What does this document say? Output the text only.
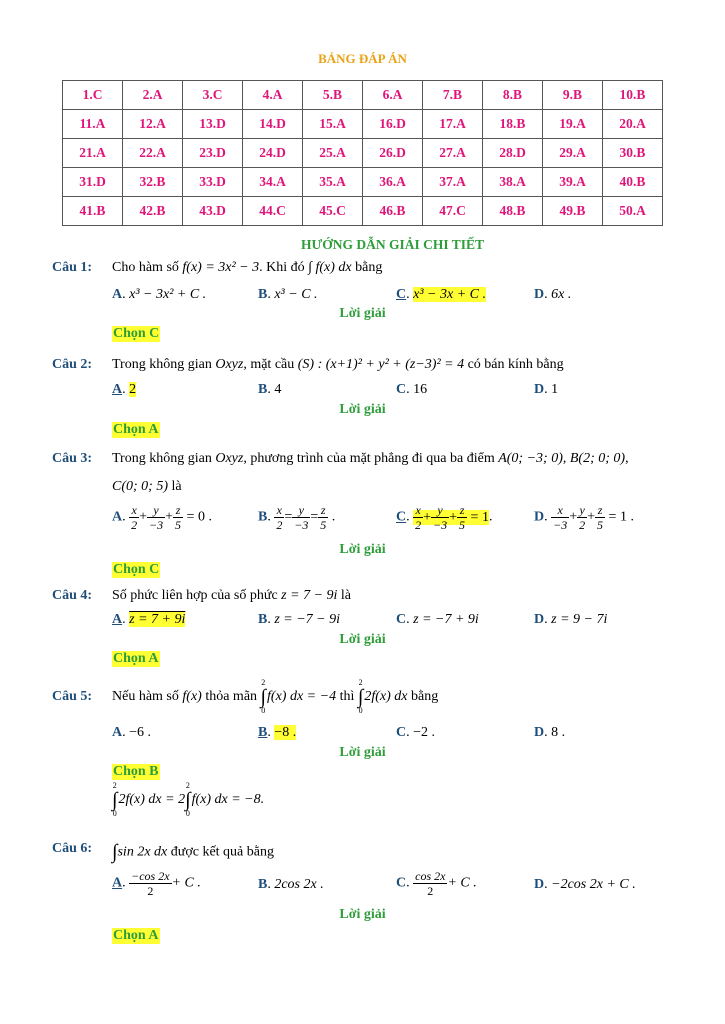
BẢNG ĐÁP ÁN
1.C	2.A	3.C	4.A	5.B	6.A	7.B	8.B	9.B	10.B
11.A	12.A	13.D	14.D	15.A	16.D	17.A	18.B	19.A	20.A
21.A	22.A	23.D	24.D	25.A	26.D	27.A	28.D	29.A	30.B
31.D	32.B	33.D	34.A	35.A	36.A	37.A	38.A	39.A	40.B
41.B	42.B	43.D	44.C	45.C	46.B	47.C	48.B	49.B	50.A
HƯỚNG DẪN GIẢI CHI TIẾT
Câu 1: Cho hàm số f(x) = 3x² − 3. Khi đó ∫ f(x) dx bằng
A. x³ − 3x² + C .	B. x³ − C .	C. x³ − 3x + C .	D. 6x .
Lời giải
Chọn C
Câu 2: Trong không gian Oxyz, mặt cầu (S) : (x+1)² + y² + (z−3)² = 4 có bán kính bằng
A. 2	B. 4	C. 16	D. 1
Lời giải
Chọn A
Câu 3: Trong không gian Oxyz, phương trình của mặt phẳng đi qua ba điểm A(0; −3; 0), B(2; 0; 0),
C(0; 0; 5) là
A. $\frac{x}{2} + \frac{y}{-3} + \frac{z}{5} = 0$ .	B. $\frac{x}{2} = \frac{y}{-3} = \frac{z}{5}$ .	C. $\frac{x}{2} + \frac{y}{-3} + \frac{z}{5} = 1$.	D. $\frac{x}{-3} + \frac{y}{2} + \frac{z}{5} = 1$ .
Lời giải
Chọn C
Câu 4: Số phức liên hợp của số phức z = 7 − 9i là
A. z = 7 + 9i	B. z = −7 − 9i	C. z = −7 + 9i	D. z = 9 − 7i
Lời giải
Chọn A
Câu 5: Nếu hàm số f(x) thỏa mãn 2
∫
0f(x) dx = −4 thì 2
∫
02f(x) dx bằng
A. −6 .	B. −8 .	C. −2 .	D. 8 .
Lời giải
Chọn B
2
∫
02f(x) dx = 22
∫
0f(x) dx = −8.
Câu 6: ∫sin 2x dx được kết quả bằng
A. $\frac{-\cos 2x}{2} + C$ .	B. 2cos 2x .	C. $\frac{\cos 2x}{2} + C$ .	D. −2cos 2x + C .
Lời giải
Chọn A
